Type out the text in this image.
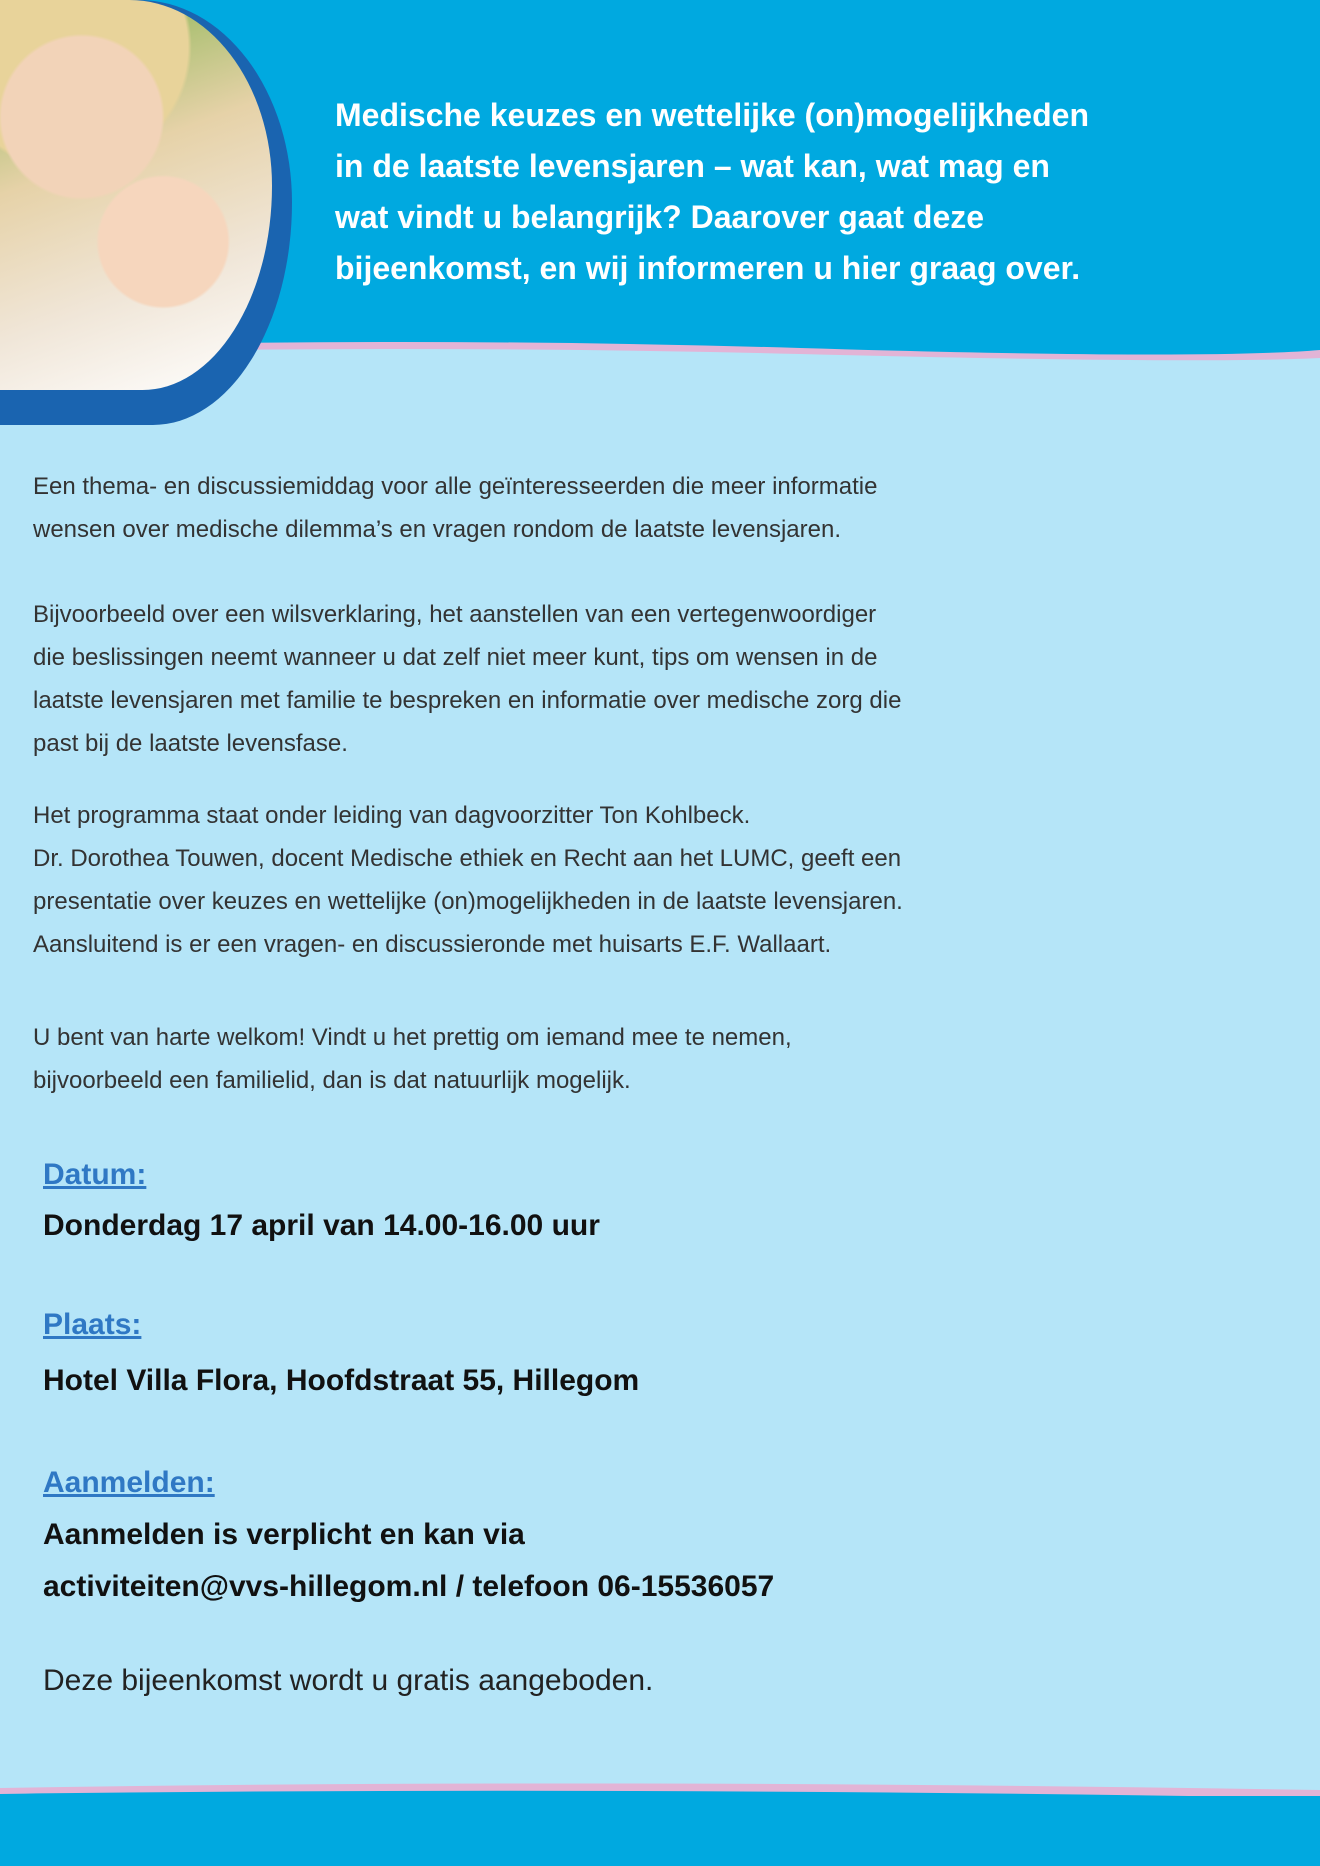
Medische keuzes en wettelijke (on)mogelijkheden
in de laatste levensjaren – wat kan, wat mag en
wat vindt u belangrijk? Daarover gaat deze
bijeenkomst, en wij informeren u hier graag over.
Een thema- en discussiemiddag voor alle geïnteresseerden die meer informatie
wensen over medische dilemma’s en vragen rondom de laatste levensjaren.
Bijvoorbeeld over een wilsverklaring, het aanstellen van een vertegenwoordiger
die beslissingen neemt wanneer u dat zelf niet meer kunt, tips om wensen in de
laatste levensjaren met familie te bespreken en informatie over medische zorg die
past bij de laatste levensfase.
Het programma staat onder leiding van dagvoorzitter Ton Kohlbeck.
Dr. Dorothea Touwen, docent Medische ethiek en Recht aan het LUMC, geeft een
presentatie over keuzes en wettelijke (on)mogelijkheden in de laatste levensjaren.
Aansluitend is er een vragen- en discussieronde met huisarts E.F. Wallaart.
U bent van harte welkom! Vindt u het prettig om iemand mee te nemen,
bijvoorbeeld een familielid, dan is dat natuurlijk mogelijk.
Datum:
Donderdag 17 april van 14.00-16.00 uur
Plaats:
Hotel Villa Flora, Hoofdstraat 55, Hillegom
Aanmelden:
Aanmelden is verplicht en kan via
activiteiten@vvs-hillegom.nl / telefoon 06-15536057
Deze bijeenkomst wordt u gratis aangeboden.
